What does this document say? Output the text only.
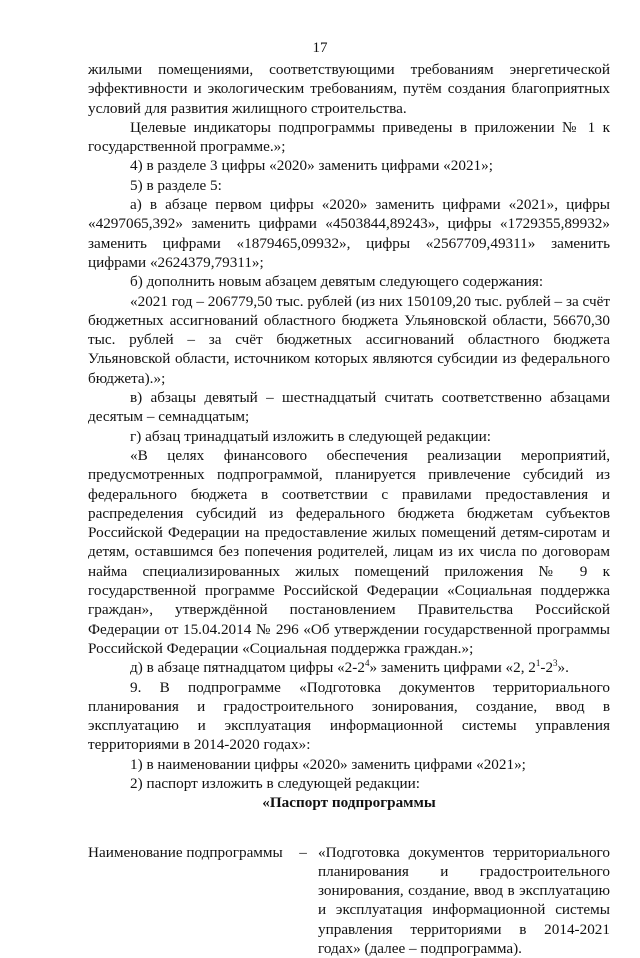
17

жилыми помещениями, соответствующими требованиям энергетической эффективности и экологическим требованиям, путём создания благоприятных условий для развития жилищного строительства.

Целевые индикаторы подпрограммы приведены в приложении № 1 к государственной программе.»;

4) в разделе 3 цифры «2020» заменить цифрами «2021»;

5) в разделе 5:

а) в абзаце первом цифры «2020» заменить цифрами «2021», цифры «4297065,392» заменить цифрами «4503844,89243», цифры «1729355,89932» заменить цифрами «1879465,09932», цифры «2567709,49311» заменить цифрами «2624379,79311»;

б) дополнить новым абзацем девятым следующего содержания:

«2021 год – 206779,50 тыс. рублей (из них 150109,20 тыс. рублей – за счёт бюджетных ассигнований областного бюджета Ульяновской области, 56670,30 тыс. рублей – за счёт бюджетных ассигнований областного бюджета Ульяновской области, источником которых являются субсидии из федерального бюджета).»;

в) абзацы девятый – шестнадцатый считать соответственно абзацами десятым – семнадцатым;

г) абзац тринадцатый изложить в следующей редакции:

«В целях финансового обеспечения реализации мероприятий, предусмотренных подпрограммой, планируется привлечение субсидий из федерального бюджета в соответствии с правилами предоставления и распределения субсидий из федерального бюджета бюджетам субъектов Российской Федерации на предоставление жилых помещений детям-сиротам и детям, оставшимся без попечения родителей, лицам из их числа по договорам найма специализированных жилых помещений приложения № 9 к государственной программе Российской Федерации «Социальная поддержка граждан», утверждённой постановлением Правительства Российской Федерации от 15.04.2014 № 296 «Об утверждении государственной программы Российской Федерации «Социальная поддержка граждан.»;

д) в абзаце пятнадцатом цифры «$2-2^4$» заменить цифрами «2, $2^1-2^3$».

9. В подпрограмме «Подготовка документов территориального планирования и градостроительного зонирования, создание, ввод в эксплуатацию и эксплуатация информационной системы управления территориями в 2014-2020 годах»:

1) в наименовании цифры «2020» заменить цифрами «2021»;

2) паспорт изложить в следующей редакции:

«Паспорт подпрограммы

Наименование подпрограммы	– «Подготовка документов территориального планирования и градостроительного зонирования, создание, ввод в эксплуатацию и эксплуатация информационной системы управления территориями в 2014-2021 годах» (далее – подпрограмма).
